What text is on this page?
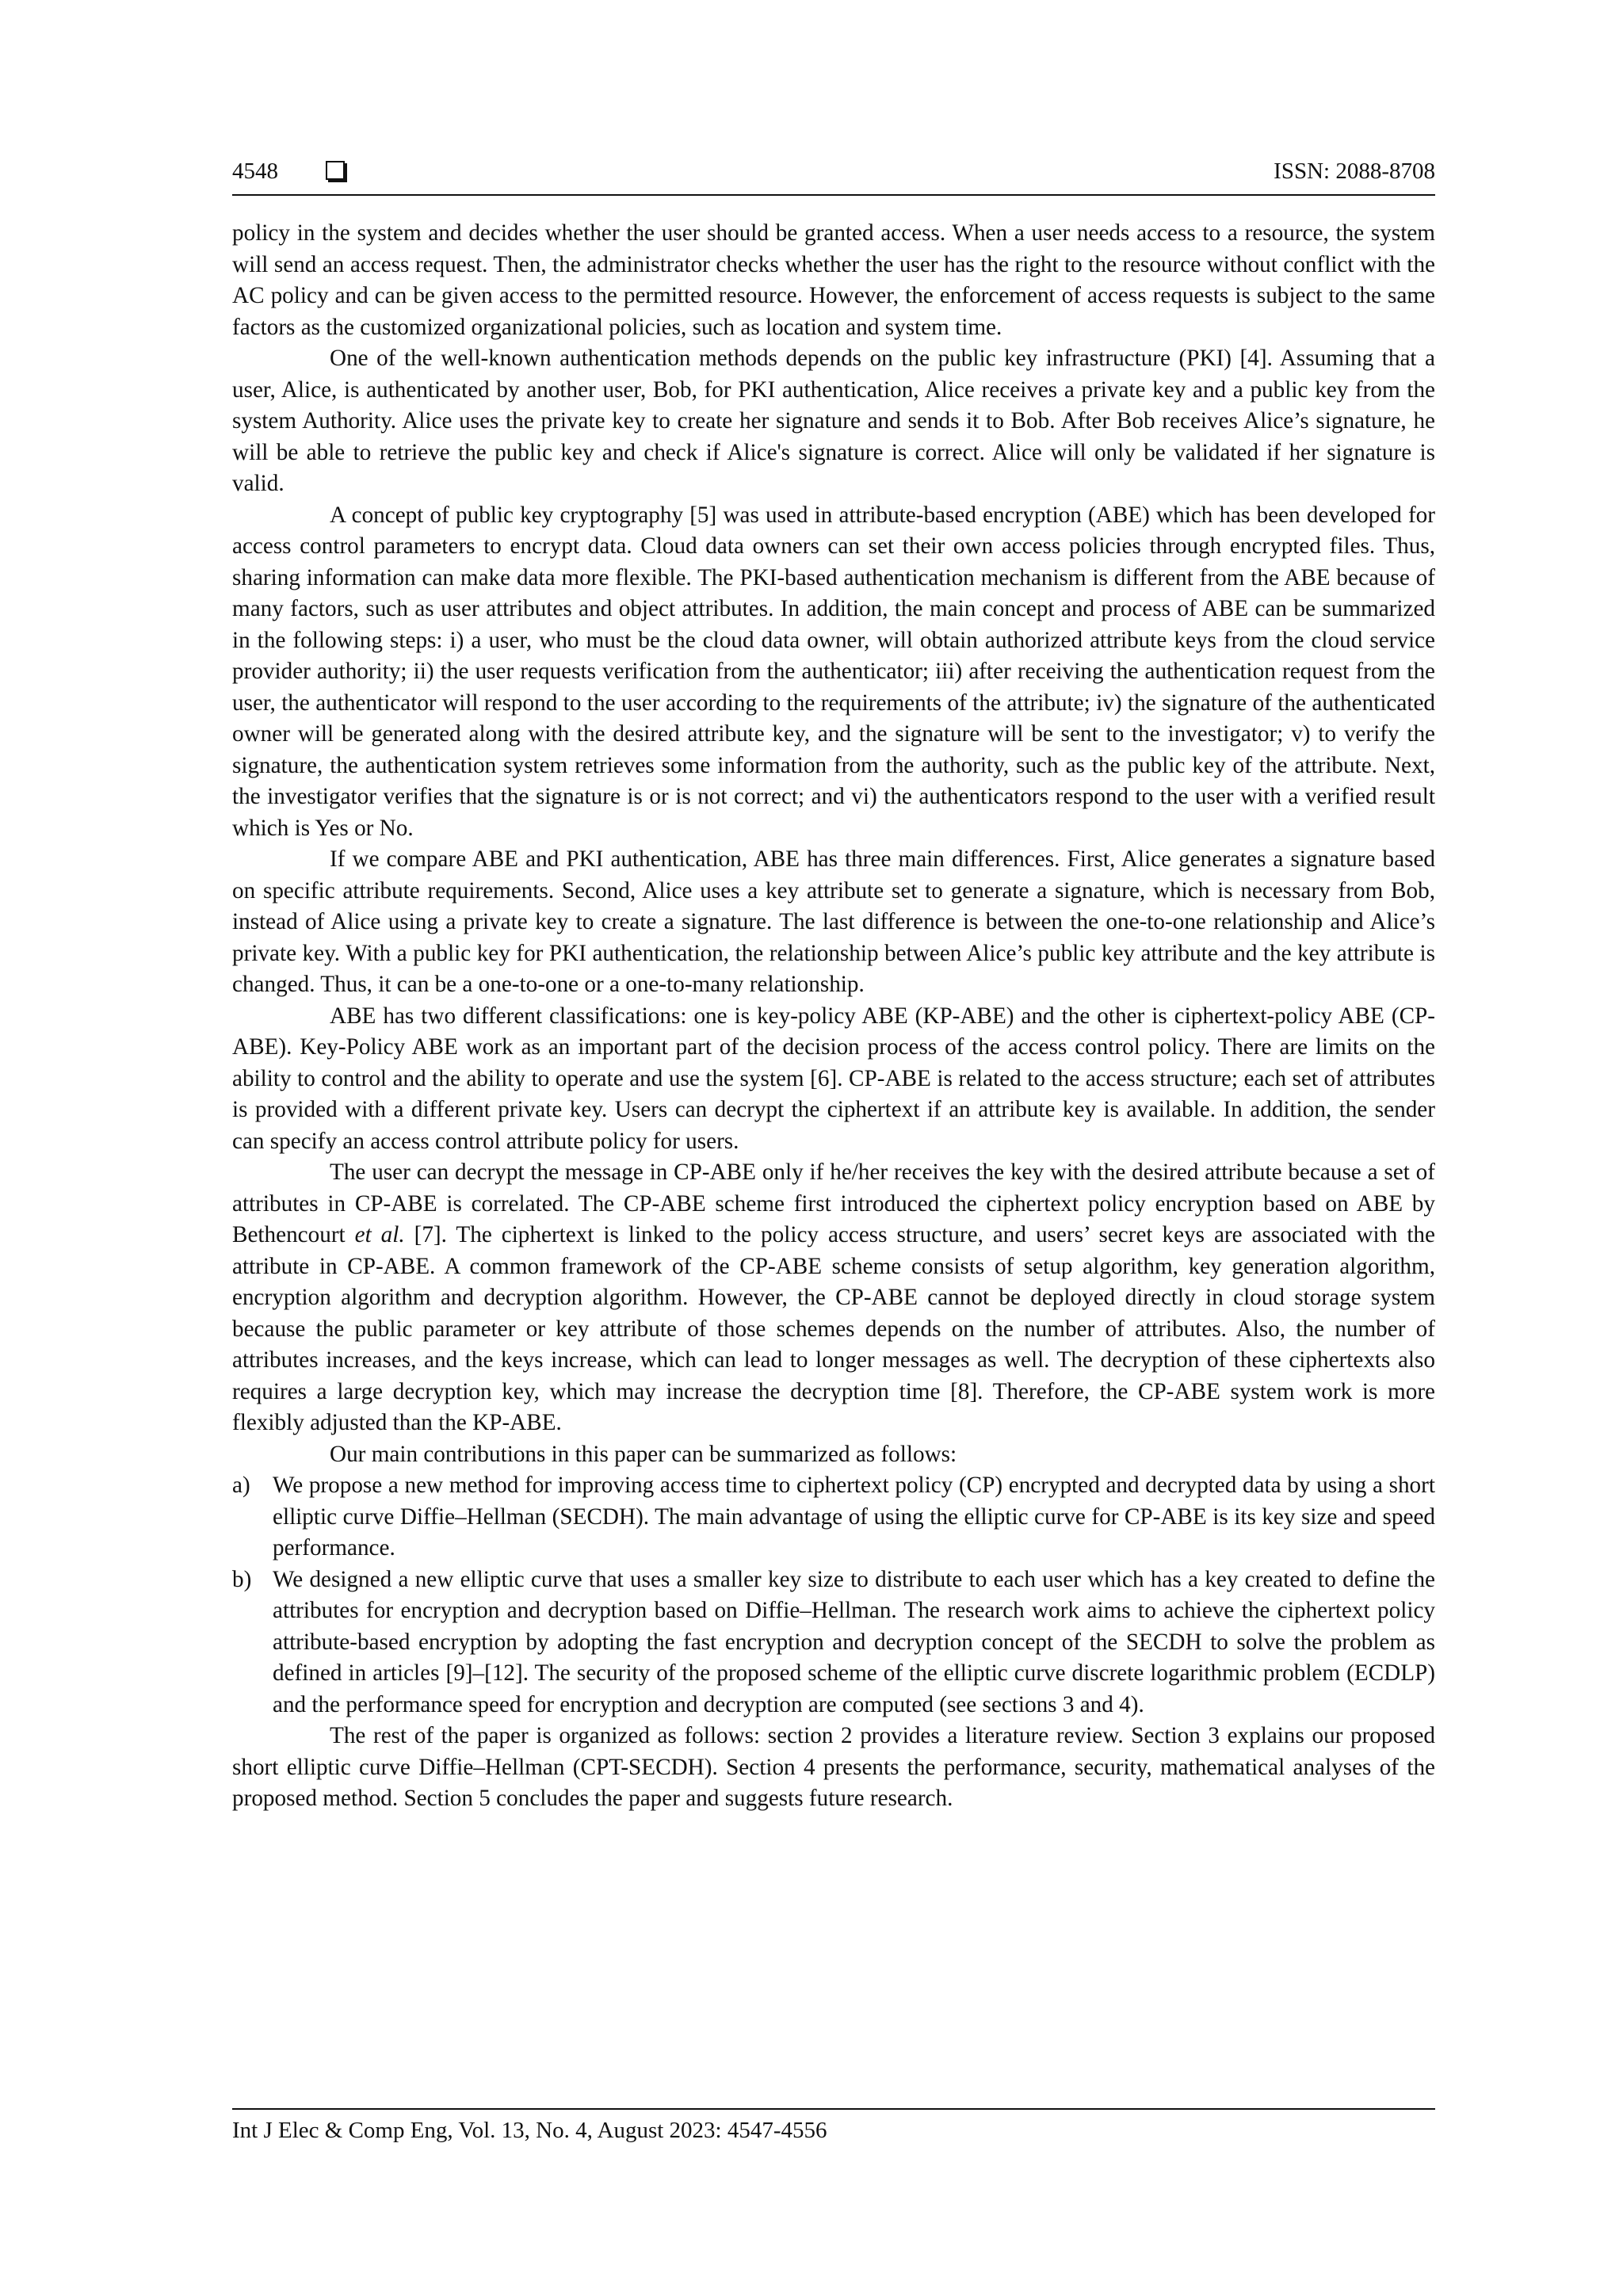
4548	ISSN: 2088-8708

policy in the system and decides whether the user should be granted access. When a user needs access to a resource, the system will send an access request. Then, the administrator checks whether the user has the right to the resource without conflict with the AC policy and can be given access to the permitted resource. However, the enforcement of access requests is subject to the same factors as the customized organizational policies, such as location and system time.

One of the well-known authentication methods depends on the public key infrastructure (PKI) [4]. Assuming that a user, Alice, is authenticated by another user, Bob, for PKI authentication, Alice receives a private key and a public key from the system Authority. Alice uses the private key to create her signature and sends it to Bob. After Bob receives Alice’s signature, he will be able to retrieve the public key and check if Alice's signature is correct. Alice will only be validated if her signature is valid.

A concept of public key cryptography [5] was used in attribute-based encryption (ABE) which has been developed for access control parameters to encrypt data. Cloud data owners can set their own access policies through encrypted files. Thus, sharing information can make data more flexible. The PKI-based authentication mechanism is different from the ABE because of many factors, such as user attributes and object attributes. In addition, the main concept and process of ABE can be summarized in the following steps: i) a user, who must be the cloud data owner, will obtain authorized attribute keys from the cloud service provider authority; ii) the user requests verification from the authenticator; iii) after receiving the authentication request from the user, the authenticator will respond to the user according to the requirements of the attribute; iv) the signature of the authenticated owner will be generated along with the desired attribute key, and the signature will be sent to the investigator; v) to verify the signature, the authentication system retrieves some information from the authority, such as the public key of the attribute. Next, the investigator verifies that the signature is or is not correct; and vi) the authenticators respond to the user with a verified result which is Yes or No.

If we compare ABE and PKI authentication, ABE has three main differences. First, Alice generates a signature based on specific attribute requirements. Second, Alice uses a key attribute set to generate a signature, which is necessary from Bob, instead of Alice using a private key to create a signature. The last difference is between the one-to-one relationship and Alice’s private key. With a public key for PKI authentication, the relationship between Alice’s public key attribute and the key attribute is changed. Thus, it can be a one-to-one or a one-to-many relationship.

ABE has two different classifications: one is key-policy ABE (KP-ABE) and the other is ciphertext-policy ABE (CP-ABE). Key-Policy ABE work as an important part of the decision process of the access control policy. There are limits on the ability to control and the ability to operate and use the system [6]. CP-ABE is related to the access structure; each set of attributes is provided with a different private key. Users can decrypt the ciphertext if an attribute key is available. In addition, the sender can specify an access control attribute policy for users.

The user can decrypt the message in CP-ABE only if he/her receives the key with the desired attribute because a set of attributes in CP-ABE is correlated. The CP-ABE scheme first introduced the ciphertext policy encryption based on ABE by Bethencourt et al. [7]. The ciphertext is linked to the policy access structure, and users’ secret keys are associated with the attribute in CP-ABE. A common framework of the CP-ABE scheme consists of setup algorithm, key generation algorithm, encryption algorithm and decryption algorithm. However, the CP-ABE cannot be deployed directly in cloud storage system because the public parameter or key attribute of those schemes depends on the number of attributes. Also, the number of attributes increases, and the keys increase, which can lead to longer messages as well. The decryption of these ciphertexts also requires a large decryption key, which may increase the decryption time [8]. Therefore, the CP-ABE system work is more flexibly adjusted than the KP-ABE.

Our main contributions in this paper can be summarized as follows:

a) We propose a new method for improving access time to ciphertext policy (CP) encrypted and decrypted data by using a short elliptic curve Diffie–Hellman (SECDH). The main advantage of using the elliptic curve for CP-ABE is its key size and speed performance.
b) We designed a new elliptic curve that uses a smaller key size to distribute to each user which has a key created to define the attributes for encryption and decryption based on Diffie–Hellman. The research work aims to achieve the ciphertext policy attribute-based encryption by adopting the fast encryption and decryption concept of the SECDH to solve the problem as defined in articles [9]–[12]. The security of the proposed scheme of the elliptic curve discrete logarithmic problem (ECDLP) and the performance speed for encryption and decryption are computed (see sections 3 and 4).

The rest of the paper is organized as follows: section 2 provides a literature review. Section 3 explains our proposed short elliptic curve Diffie–Hellman (CPT-SECDH). Section 4 presents the performance, security, mathematical analyses of the proposed method. Section 5 concludes the paper and suggests future research.

Int J Elec & Comp Eng, Vol. 13, No. 4, August 2023: 4547-4556
